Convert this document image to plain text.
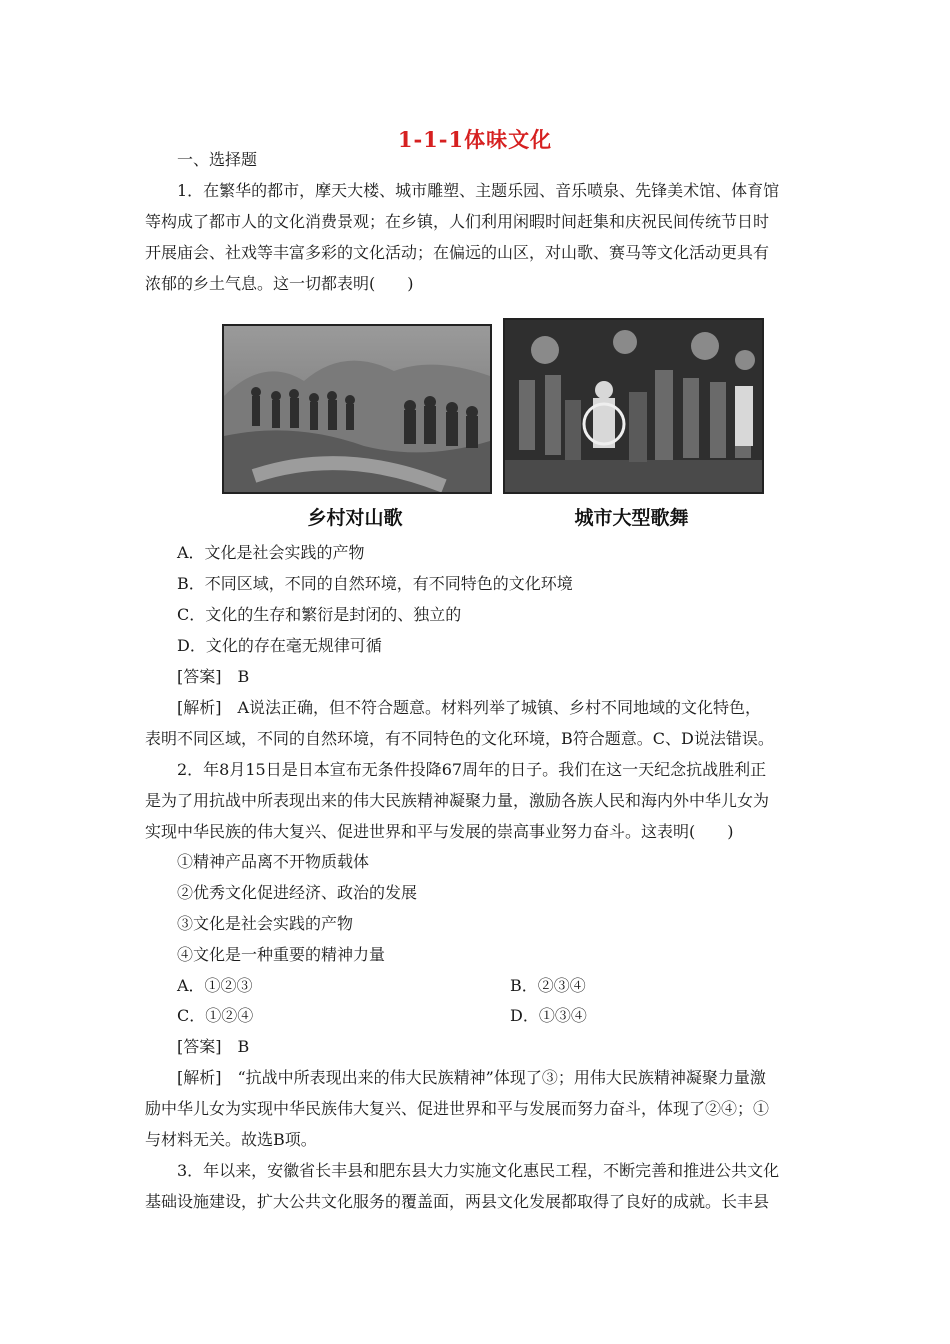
1-1-1体味文化
一、选择题
1．在繁华的都市，摩天大楼、城市雕塑、主题乐园、音乐喷泉、先锋美术馆、体育馆
等构成了都市人的文化消费景观；在乡镇，人们利用闲暇时间赶集和庆祝民间传统节日时
开展庙会、社戏等丰富多彩的文化活动；在偏远的山区，对山歌、赛马等文化活动更具有
浓郁的乡土气息。这一切都表明(　　)
乡村对山歌	城市大型歌舞
A．文化是社会实践的产物
B．不同区域，不同的自然环境，有不同特色的文化环境
C．文化的生存和繁衍是封闭的、独立的
D．文化的存在毫无规律可循
[答案]　B
[解析]　A说法正确，但不符合题意。材料列举了城镇、乡村不同地域的文化特色，
表明不同区域，不同的自然环境，有不同特色的文化环境，B符合题意。C、D说法错误。
2．年8月15日是日本宣布无条件投降67周年的日子。我们在这一天纪念抗战胜利正
是为了用抗战中所表现出来的伟大民族精神凝聚力量，激励各族人民和海内外中华儿女为
实现中华民族的伟大复兴、促进世界和平与发展的崇高事业努力奋斗。这表明(　　)
①精神产品离不开物质载体
②优秀文化促进经济、政治的发展
③文化是社会实践的产物
④文化是一种重要的精神力量
A．①②③	B．②③④
C．①②④	D．①③④
[答案]　B
[解析]　“抗战中所表现出来的伟大民族精神”体现了③；用伟大民族精神凝聚力量激
励中华儿女为实现中华民族伟大复兴、促进世界和平与发展而努力奋斗，体现了②④；①
与材料无关。故选B项。
3．年以来，安徽省长丰县和肥东县大力实施文化惠民工程，不断完善和推进公共文化
基础设施建设，扩大公共文化服务的覆盖面，两县文化发展都取得了良好的成就。长丰县
